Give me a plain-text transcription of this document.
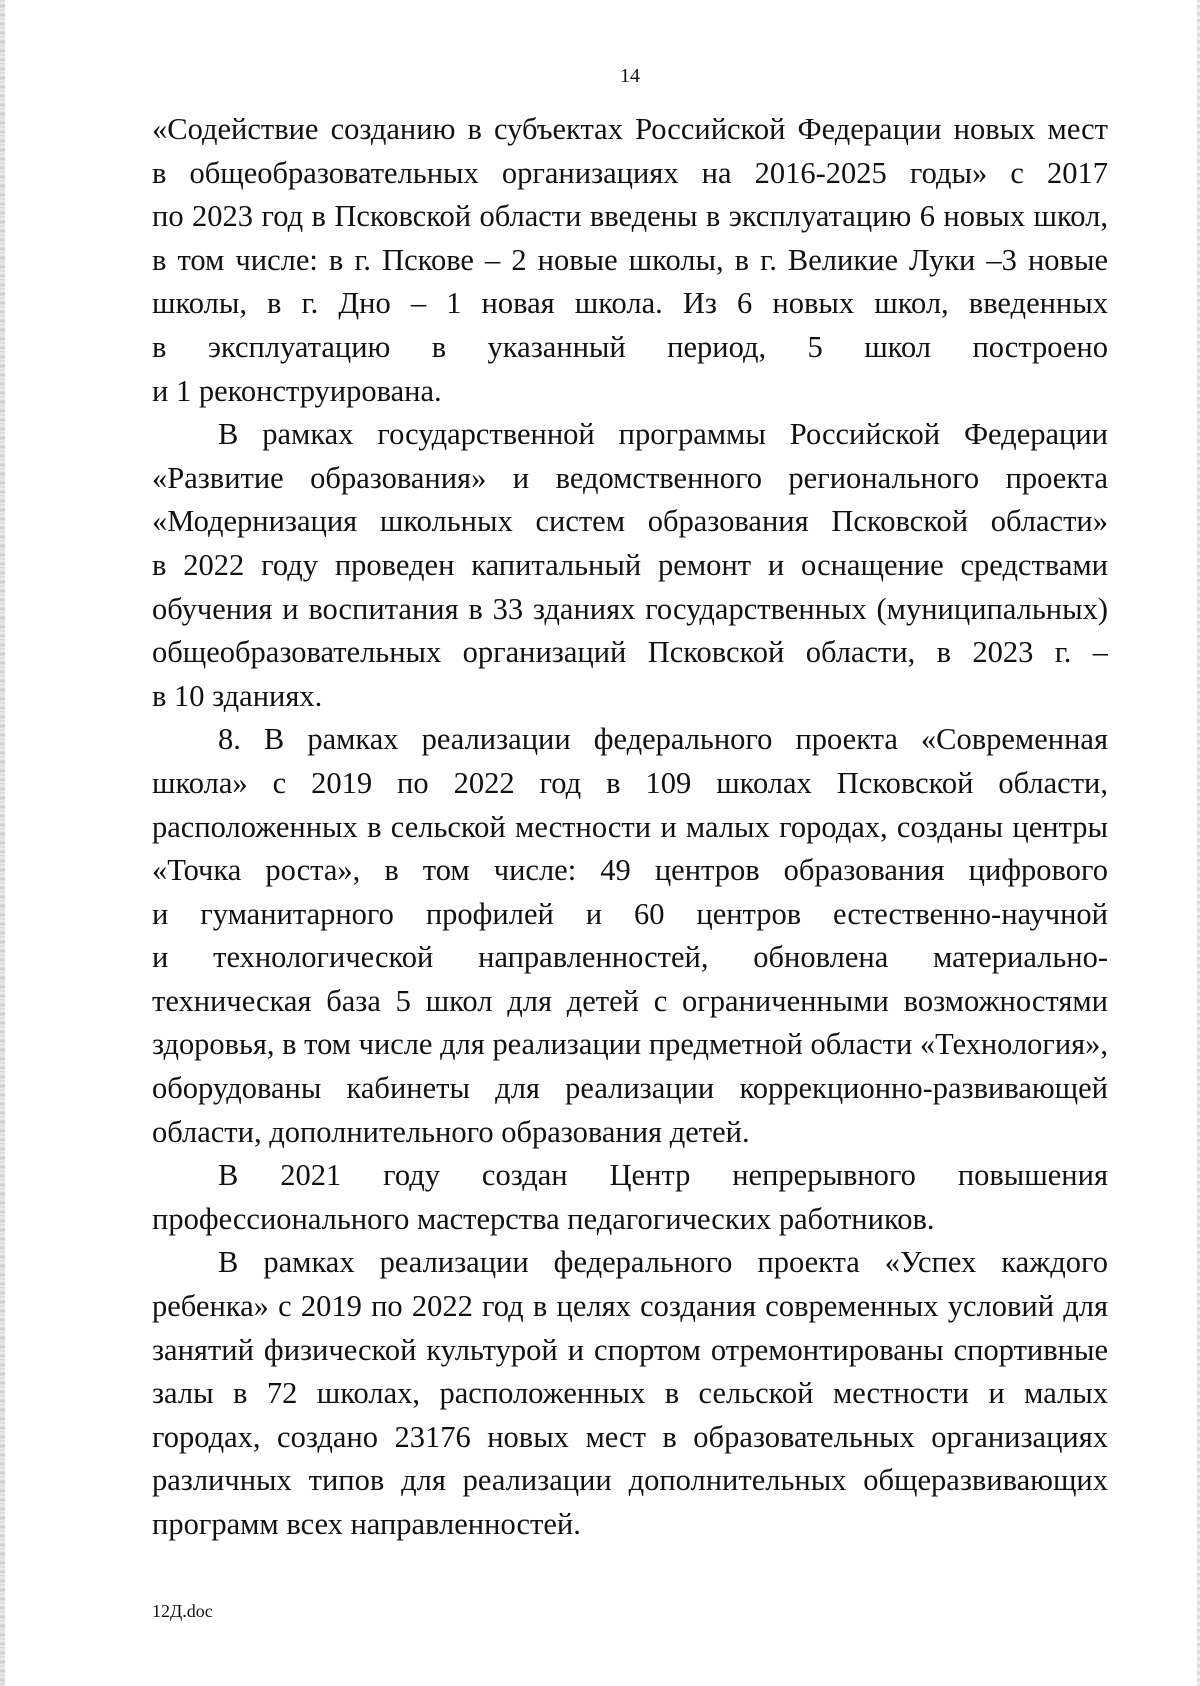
14
«Содействие созданию в субъектах Российской Федерации новых мест
в общеобразовательных организациях на 2016-2025 годы» с 2017
по 2023 год в Псковской области введены в эксплуатацию 6 новых школ,
в том числе: в г. Пскове – 2 новые школы, в г. Великие Луки –3 новые
школы, в г. Дно – 1 новая школа. Из 6 новых школ, введенных
в эксплуатацию в указанный период, 5 школ построено
и 1 реконструирована.
В рамках государственной программы Российской Федерации
«Развитие образования» и ведомственного регионального проекта
«Модернизация школьных систем образования Псковской области»
в 2022 году проведен капитальный ремонт и оснащение средствами
обучения и воспитания в 33 зданиях государственных (муниципальных)
общеобразовательных организаций Псковской области, в 2023 г. –
в 10 зданиях.
8. В рамках реализации федерального проекта «Современная
школа» с 2019 по 2022 год в 109 школах Псковской области,
расположенных в сельской местности и малых городах, созданы центры
«Точка роста», в том числе: 49 центров образования цифрового
и гуманитарного профилей и 60 центров естественно-научной
и технологической направленностей, обновлена материально-
техническая база 5 школ для детей с ограниченными возможностями
здоровья, в том числе для реализации предметной области «Технология»,
оборудованы кабинеты для реализации коррекционно-развивающей
области, дополнительного образования детей.
В 2021 году создан Центр непрерывного повышения
профессионального мастерства педагогических работников.
В рамках реализации федерального проекта «Успех каждого
ребенка» с 2019 по 2022 год в целях создания современных условий для
занятий физической культурой и спортом отремонтированы спортивные
залы в 72 школах, расположенных в сельской местности и малых
городах, создано 23176 новых мест в образовательных организациях
различных типов для реализации дополнительных общеразвивающих
программ всех направленностей.
12Д.doc
